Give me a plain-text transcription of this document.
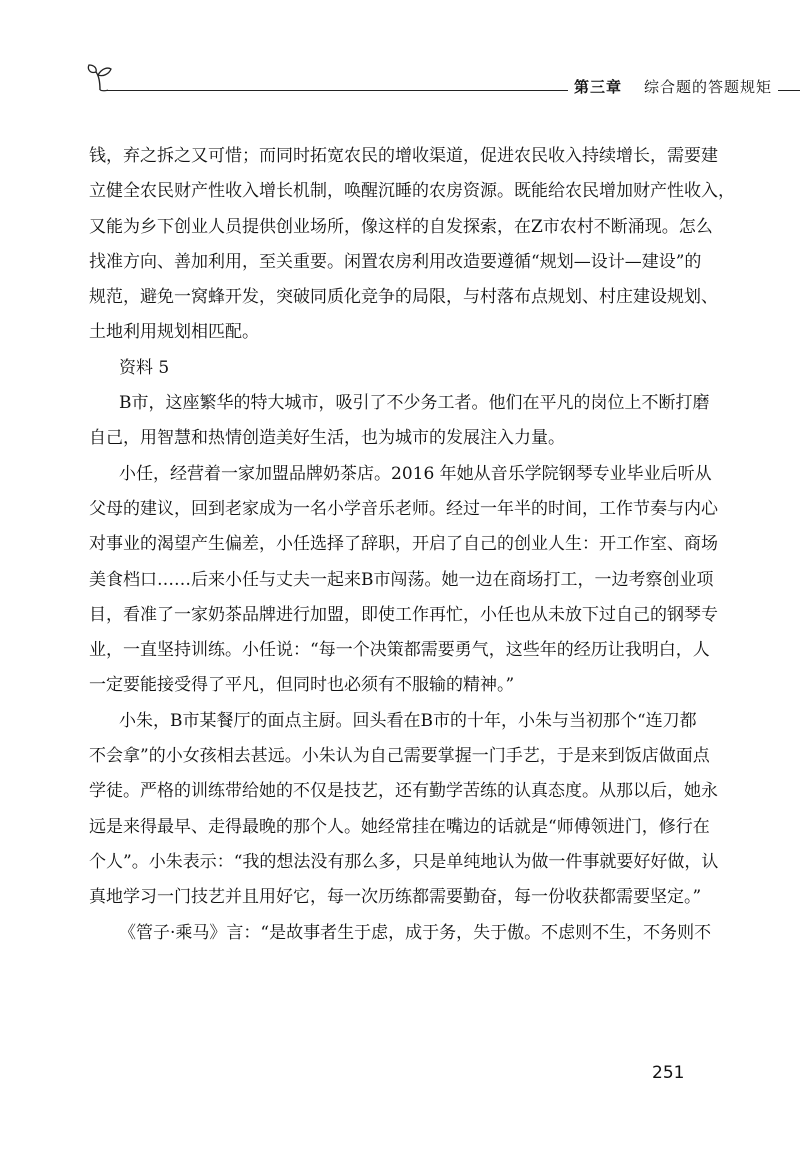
第三章 综合题的答题规矩
钱，弃之拆之又可惜；而同时拓宽农民的增收渠道，促进农民收入持续增长，需要建
立健全农民财产性收入增长机制，唤醒沉睡的农房资源。既能给农民增加财产性收入，
又能为乡下创业人员提供创业场所，像这样的自发探索，在Z市农村不断涌现。怎么
找准方向、善加利用，至关重要。闲置农房利用改造要遵循“规划—设计—建设”的
规范，避免一窝蜂开发，突破同质化竞争的局限，与村落布点规划、村庄建设规划、
土地利用规划相匹配。
资料 5
B市，这座繁华的特大城市，吸引了不少务工者。他们在平凡的岗位上不断打磨
自己，用智慧和热情创造美好生活，也为城市的发展注入力量。
小任，经营着一家加盟品牌奶茶店。2016 年她从音乐学院钢琴专业毕业后听从
父母的建议，回到老家成为一名小学音乐老师。经过一年半的时间，工作节奏与内心
对事业的渴望产生偏差，小任选择了辞职，开启了自己的创业人生：开工作室、商场
美食档口……后来小任与丈夫一起来B市闯荡。她一边在商场打工，一边考察创业项
目，看准了一家奶茶品牌进行加盟，即使工作再忙，小任也从未放下过自己的钢琴专
业，一直坚持训练。小任说：“每一个决策都需要勇气，这些年的经历让我明白，人
一定要能接受得了平凡，但同时也必须有不服输的精神。”
小朱，B市某餐厅的面点主厨。回头看在B市的十年，小朱与当初那个“连刀都
不会拿”的小女孩相去甚远。小朱认为自己需要掌握一门手艺，于是来到饭店做面点
学徒。严格的训练带给她的不仅是技艺，还有勤学苦练的认真态度。从那以后，她永
远是来得最早、走得最晚的那个人。她经常挂在嘴边的话就是“师傅领进门，修行在
个人”。小朱表示：“我的想法没有那么多，只是单纯地认为做一件事就要好好做，认
真地学习一门技艺并且用好它，每一次历练都需要勤奋，每一份收获都需要坚定。”
《管子·乘马》言：“是故事者生于虑，成于务，失于傲。不虑则不生，不务则不
251
